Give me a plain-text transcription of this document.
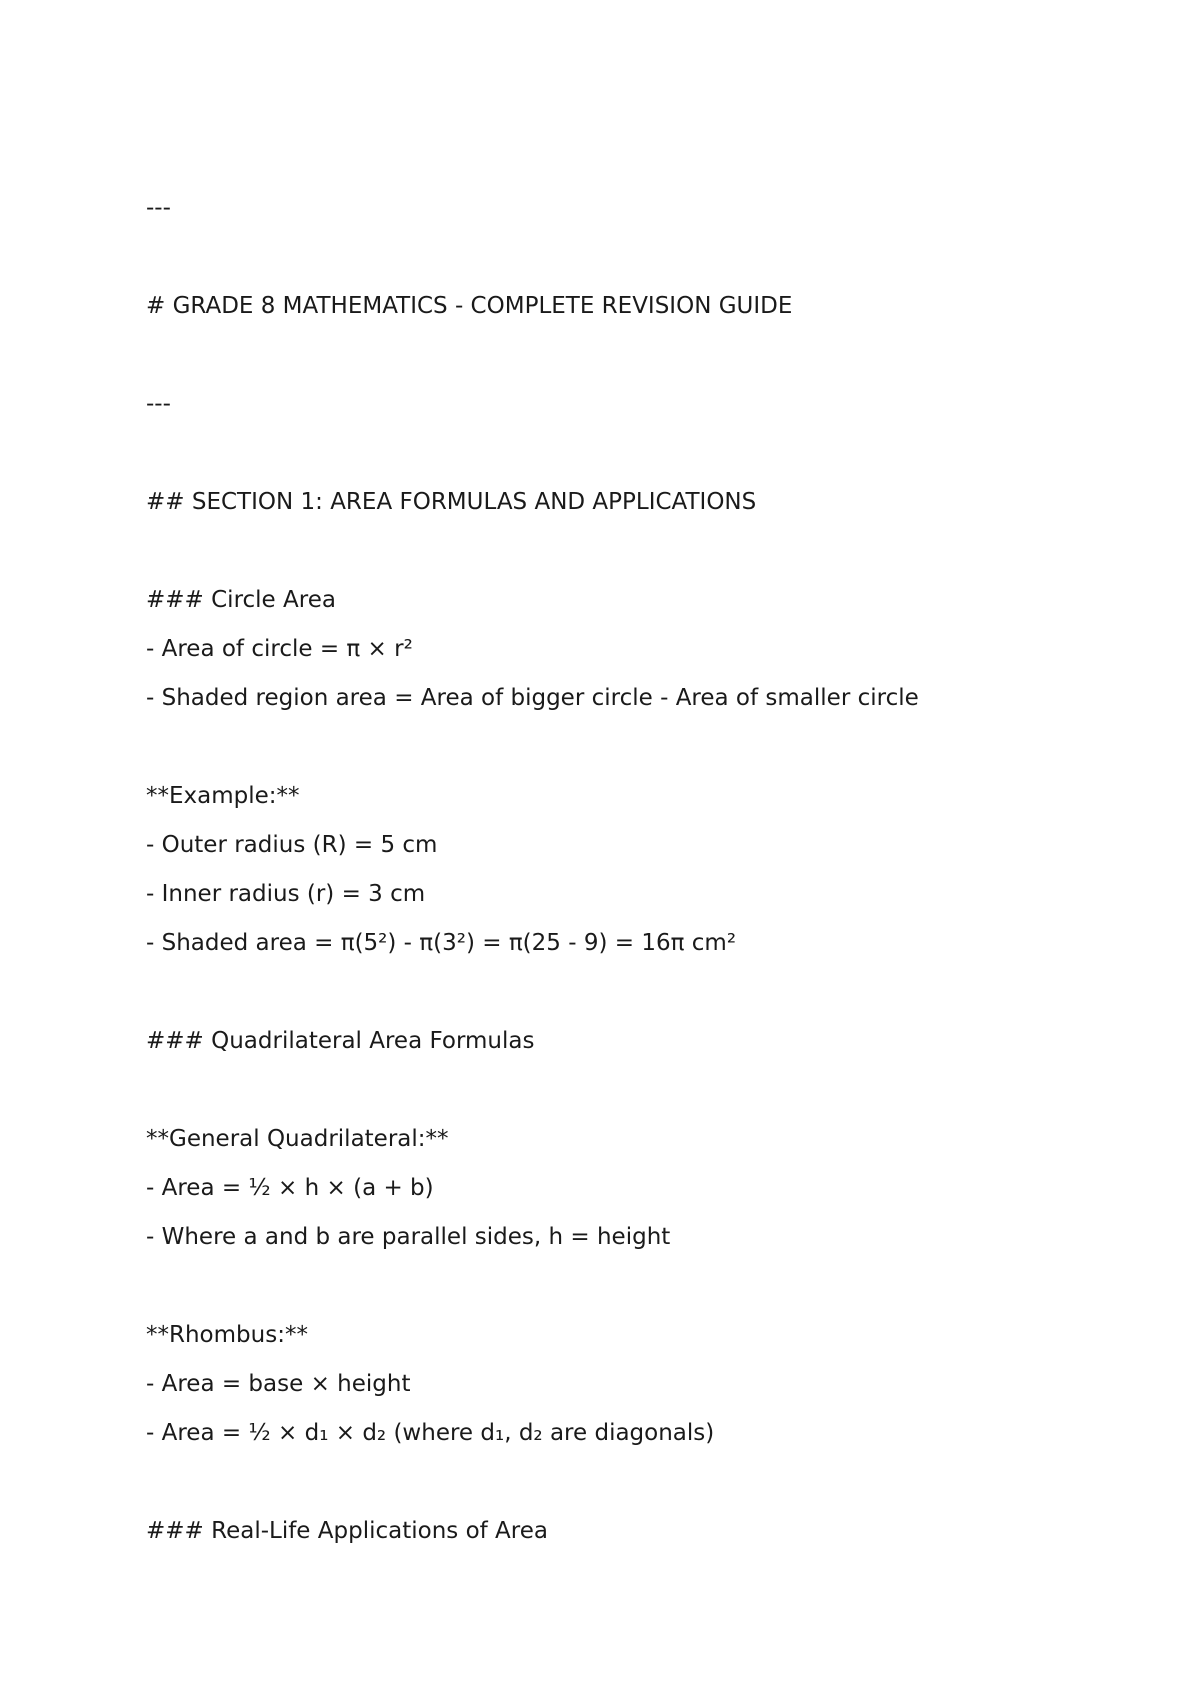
---

# GRADE 8 MATHEMATICS - COMPLETE REVISION GUIDE

---

## SECTION 1: AREA FORMULAS AND APPLICATIONS

### Circle Area

- Area of circle = π × r²

- Shaded region area = Area of bigger circle - Area of smaller circle

**Example:**

- Outer radius (R) = 5 cm

- Inner radius (r) = 3 cm

- Shaded area = π(5²) - π(3²) = π(25 - 9) = 16π cm²

### Quadrilateral Area Formulas

**General Quadrilateral:**

- Area = ½ × h × (a + b)

- Where a and b are parallel sides, h = height

**Rhombus:**

- Area = base × height

- Area = ½ × d₁ × d₂ (where d₁, d₂ are diagonals)

### Real-Life Applications of Area
